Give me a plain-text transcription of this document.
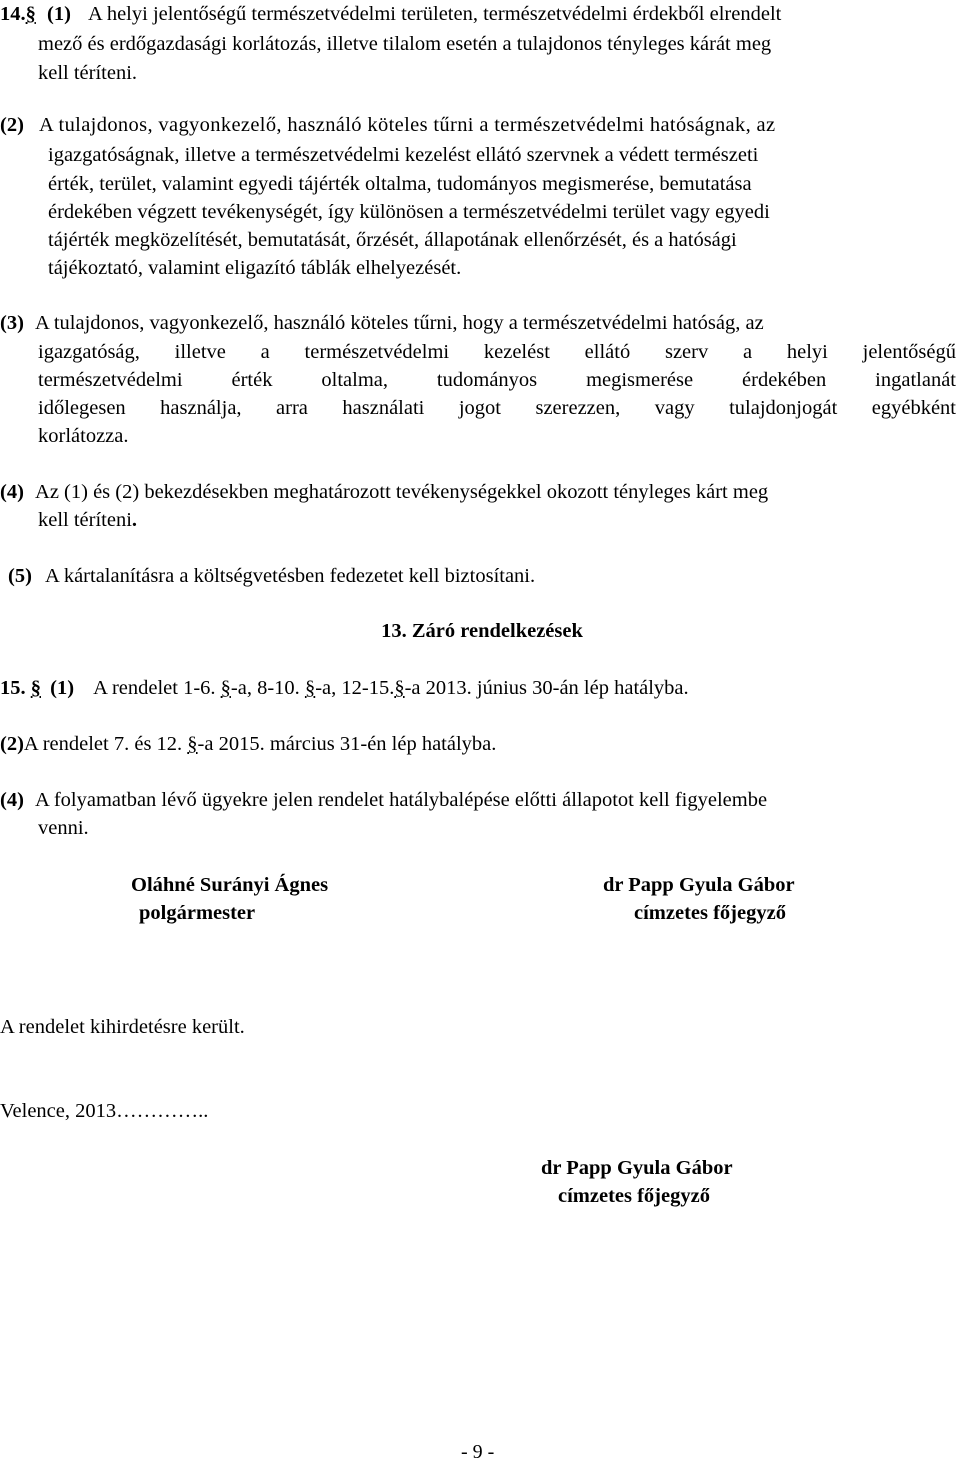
14.§ (1) A helyi jelentőségű természetvédelmi területen, természetvédelmi érdekből elrendelt
mező és erdőgazdasági korlátozás, illetve tilalom esetén a tulajdonos tényleges kárát meg
kell téríteni.
(2) A tulajdonos, vagyonkezelő, használó köteles tűrni a természetvédelmi hatóságnak, az
igazgatóságnak, illetve a természetvédelmi kezelést ellátó szervnek a védett természeti
érték, terület, valamint egyedi tájérték oltalma, tudományos megismerése, bemutatása
érdekében végzett tevékenységét, így különösen a természetvédelmi terület vagy egyedi
tájérték megközelítését, bemutatását, őrzését, állapotának ellenőrzését, és a hatósági
tájékoztató, valamint eligazító táblák elhelyezését.
(3) A tulajdonos, vagyonkezelő, használó köteles tűrni, hogy a természetvédelmi hatóság, az
igazgatóság, illetve a természetvédelmi kezelést ellátó szerv a helyi jelentőségű
természetvédelmi érték oltalma, tudományos megismerése érdekében ingatlanát
időlegesen használja, arra használati jogot szerezzen, vagy tulajdonjogát egyébként
korlátozza.
(4) Az (1) és (2) bekezdésekben meghatározott tevékenységekkel okozott tényleges kárt meg
kell téríteni.
(5) A kártalanításra a költségvetésben fedezetet kell biztosítani.
13. Záró rendelkezések
15. § (1) A rendelet 1-6. §-a, 8-10. §-a, 12-15.§-a 2013. június 30-án lép hatályba.
(2)A rendelet 7. és 12. §-a 2015. március 31-én lép hatályba.
(4) A folyamatban lévő ügyekre jelen rendelet hatálybalépése előtti állapotot kell figyelembe
venni.
Oláhné Surányi Ágnes
polgármester
dr Papp Gyula Gábor
címzetes főjegyző
A rendelet kihirdetésre került.
Velence, 2013…………..
dr Papp Gyula Gábor
címzetes főjegyző
- 9 -
